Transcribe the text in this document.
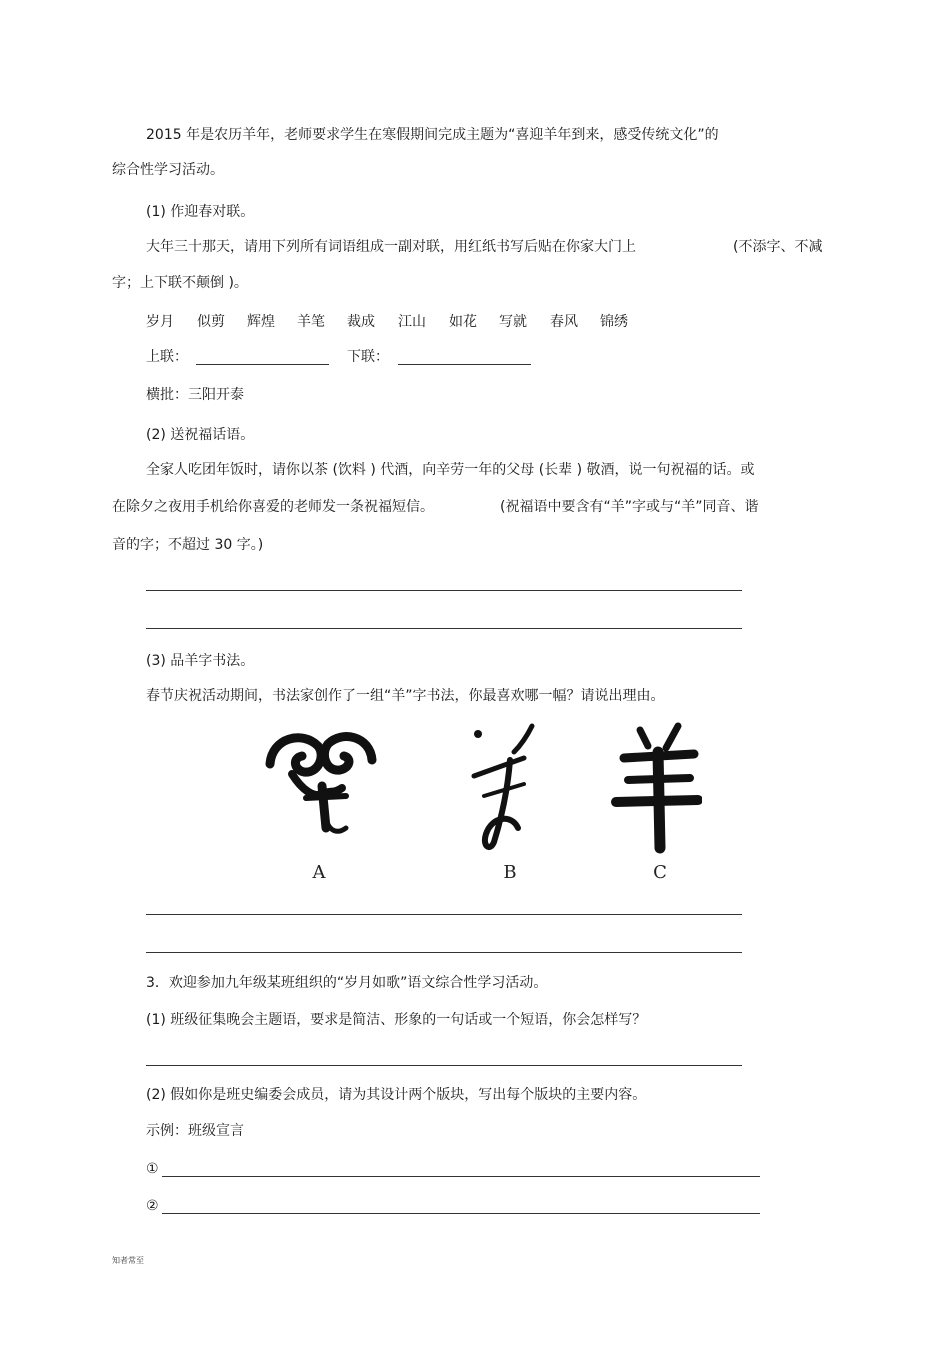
2015 年是农历羊年，老师要求学生在寒假期间完成主题为“喜迎羊年到来，感受传统文化”的
综合性学习活动。
(1) 作迎春对联。
大年三十那天，请用下列所有词语组成一副对联，用红纸书写后贴在你家大门上	(不添字、不减
字；上下联不颠倒 )。
岁月 似剪 辉煌 羊笔 裁成 江山 如花 写就 春风 锦绣
上联：	下联：
横批：三阳开泰
(2) 送祝福话语。
全家人吃团年饭时，请你以茶 (饮料 ) 代酒，向辛劳一年的父母 (长辈 ) 敬酒，说一句祝福的话。或
在除夕之夜用手机给你喜爱的老师发一条祝福短信。	(祝福语中要含有“羊”字或与“羊”同音、谐
音的字；不超过 30 字。)
(3) 品羊字书法。
春节庆祝活动期间，书法家创作了一组“羊”字书法，你最喜欢哪一幅？请说出理由。
A	B	C
3．欢迎参加九年级某班组织的“岁月如歌”语文综合性学习活动。
(1) 班级征集晚会主题语，要求是简洁、形象的一句话或一个短语，你会怎样写？
(2) 假如你是班史编委会成员，请为其设计两个版块，写出每个版块的主要内容。
示例：班级宣言
①
②
知者常至
